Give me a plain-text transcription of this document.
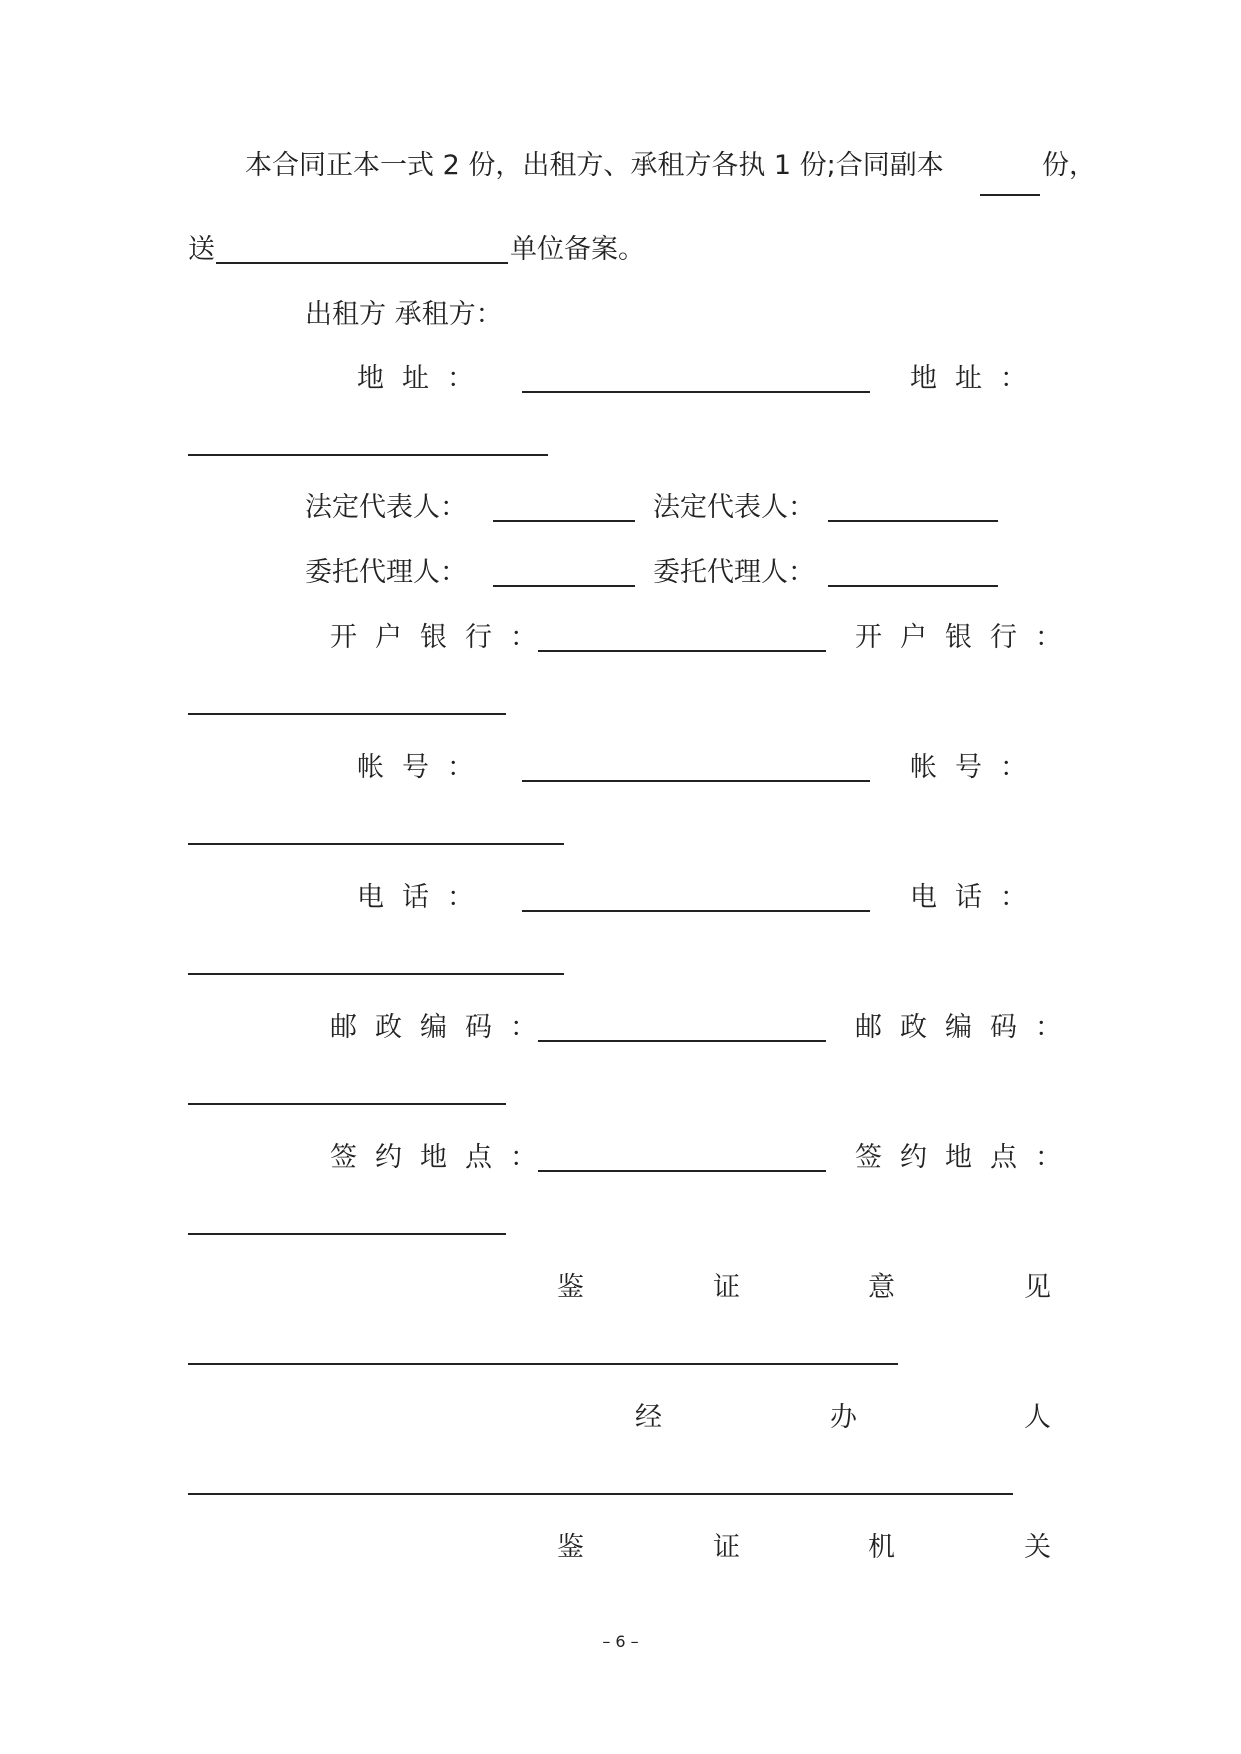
本合同正本一式 2 份，出租方、承租方各执 1 份;合同副本	份，
送	单位备案。
出租方 承租方：
地址：	地址：
法定代表人：	法定代表人：
委托代理人：	委托代理人：
开户银行：	开户银行：
帐号：	帐号：
电话：	电话：
邮政编码：	邮政编码：
签约地点：	签约地点：
鉴	证	意	见
经	办	人
鉴	证	机	关
– 6 –
